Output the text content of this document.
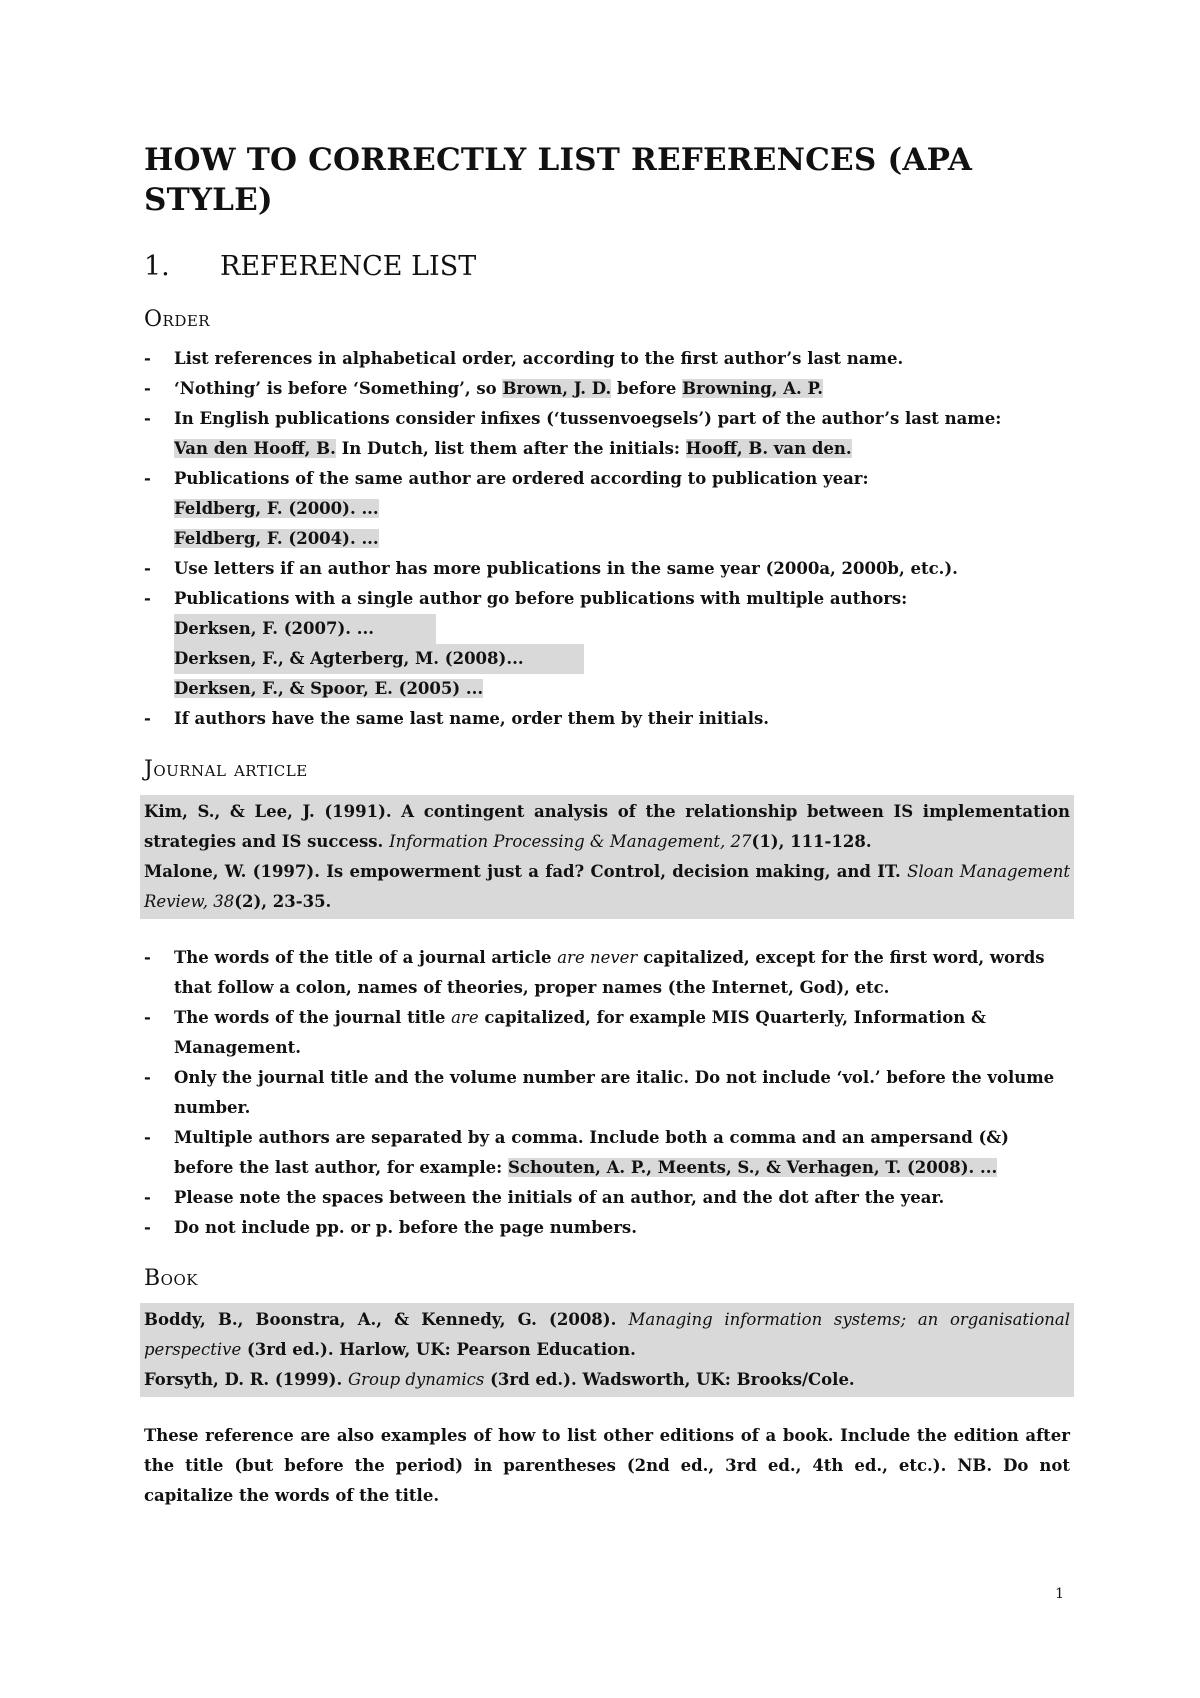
HOW TO CORRECTLY LIST REFERENCES (APA STYLE)
1.	REFERENCE LIST
Order
- List references in alphabetical order, according to the first author’s last name.
- ‘Nothing’ is before ‘Something’, so Brown, J. D. before Browning, A. P.
- In English publications consider infixes (‘tussenvoegsels’) part of the author’s last name:
Van den Hooff, B. In Dutch, list them after the initials: Hooff, B. van den.
- Publications of the same author are ordered according to publication year:
Feldberg, F. (2000). ...
Feldberg, F. (2004). ...
- Use letters if an author has more publications in the same year (2000a, 2000b, etc.).
- Publications with a single author go before publications with multiple authors:
Derksen, F. (2007). ...
Derksen, F., & Agterberg, M. (2008)...
Derksen, F., & Spoor, E. (2005) ...
- If authors have the same last name, order them by their initials.
Journal article

Kim, S., & Lee, J. (1991). A contingent analysis of the relationship between IS implementation strategies and IS success. Information Processing & Management, 27(1), 111-128.

Malone, W. (1997). Is empowerment just a fad? Control, decision making, and IT. Sloan Management Review, 38(2), 23-35.

- The words of the title of a journal article are never capitalized, except for the first word, words that follow a colon, names of theories, proper names (the Internet, God), etc.
- The words of the journal title are capitalized, for example MIS Quarterly, Information & Management.
- Only the journal title and the volume number are italic. Do not include ‘vol.’ before the volume number.
- Multiple authors are separated by a comma. Include both a comma and an ampersand (&) before the last author, for example: Schouten, A. P., Meents, S., & Verhagen, T. (2008). ...
- Please note the spaces between the initials of an author, and the dot after the year.
- Do not include pp. or p. before the page numbers.
Book

Boddy, B., Boonstra, A., & Kennedy, G. (2008). Managing information systems; an organisational perspective (3rd ed.). Harlow, UK: Pearson Education.

Forsyth, D. R. (1999). Group dynamics (3rd ed.). Wadsworth, UK: Brooks/Cole.

These reference are also examples of how to list other editions of a book. Include the edition after the title (but before the period) in parentheses (2nd ed., 3rd ed., 4th ed., etc.). NB. Do not capitalize the words of the title.

1
